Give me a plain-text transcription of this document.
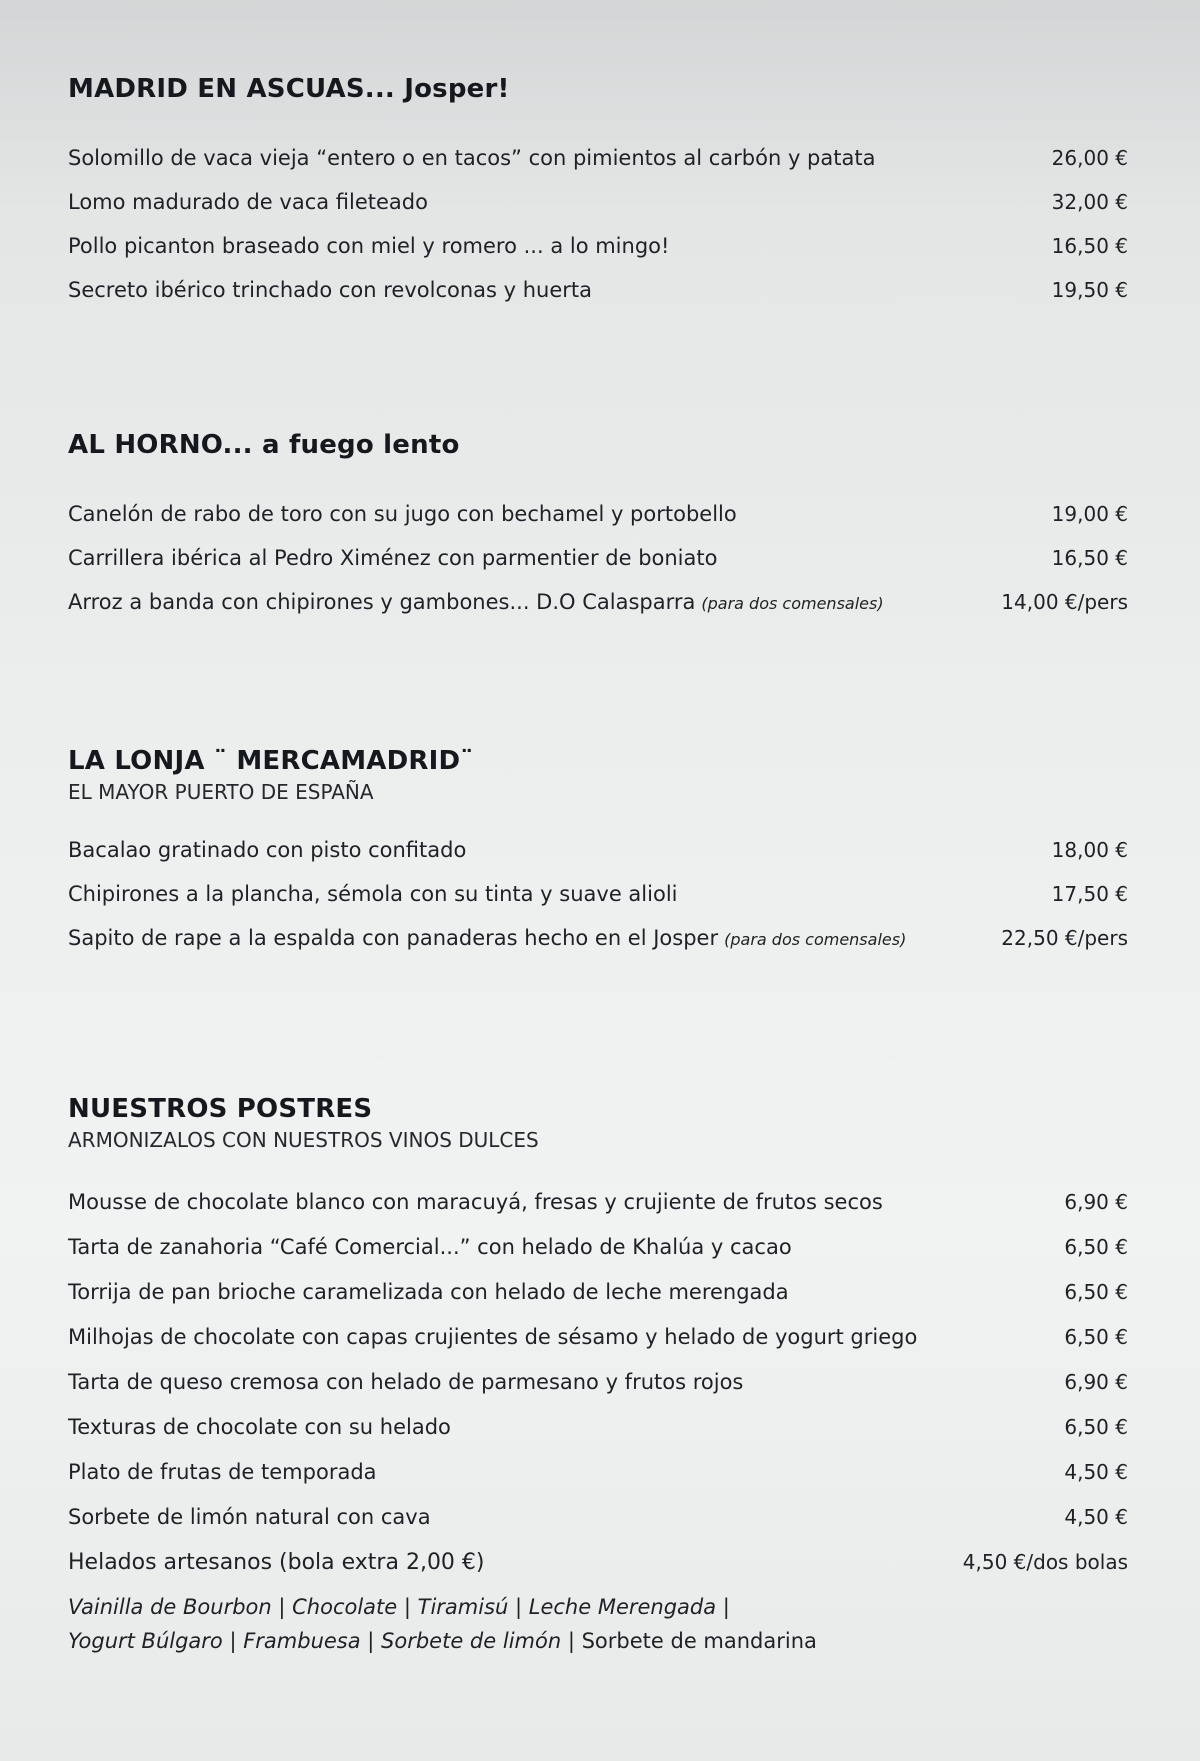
MADRID EN ASCUAS... Josper!
Solomillo de vaca vieja “entero o en tacos” con pimientos al carbón y patata	26,00 €
Lomo madurado de vaca fileteado	32,00 €
Pollo picanton braseado con miel y romero ... a lo mingo!	16,50 €
Secreto ibérico trinchado con revolconas y huerta	19,50 €
AL HORNO... a fuego lento
Canelón de rabo de toro con su jugo con bechamel y portobello	19,00 €
Carrillera ibérica al Pedro Ximénez con parmentier de boniato	16,50 €
Arroz a banda con chipirones y gambones... D.O Calasparra (para dos comensales)	14,00 €/pers
LA LONJA ¨ MERCAMADRID¨
EL MAYOR PUERTO DE ESPAÑA
Bacalao gratinado con pisto confitado	18,00 €
Chipirones a la plancha, sémola con su tinta y suave alioli	17,50 €
Sapito de rape a la espalda con panaderas hecho en el Josper (para dos comensales)	22,50 €/pers
NUESTROS POSTRES
ARMONIZALOS CON NUESTROS VINOS DULCES
Mousse de chocolate blanco con maracuyá, fresas y crujiente de frutos secos	6,90 €
Tarta de zanahoria “Café Comercial...” con helado de Khalúa y cacao	6,50 €
Torrija de pan brioche caramelizada con helado de leche merengada	6,50 €
Milhojas de chocolate con capas crujientes de sésamo y helado de yogurt griego	6,50 €
Tarta de queso cremosa con helado de parmesano y frutos rojos	6,90 €
Texturas de chocolate con su helado	6,50 €
Plato de frutas de temporada	4,50 €
Sorbete de limón natural con cava	4,50 €
Helados artesanos (bola extra 2,00 €)	4,50 €/dos bolas
Vainilla de Bourbon | Chocolate | Tiramisú | Leche Merengada |
Yogurt Búlgaro | Frambuesa | Sorbete de limón | Sorbete de mandarina
